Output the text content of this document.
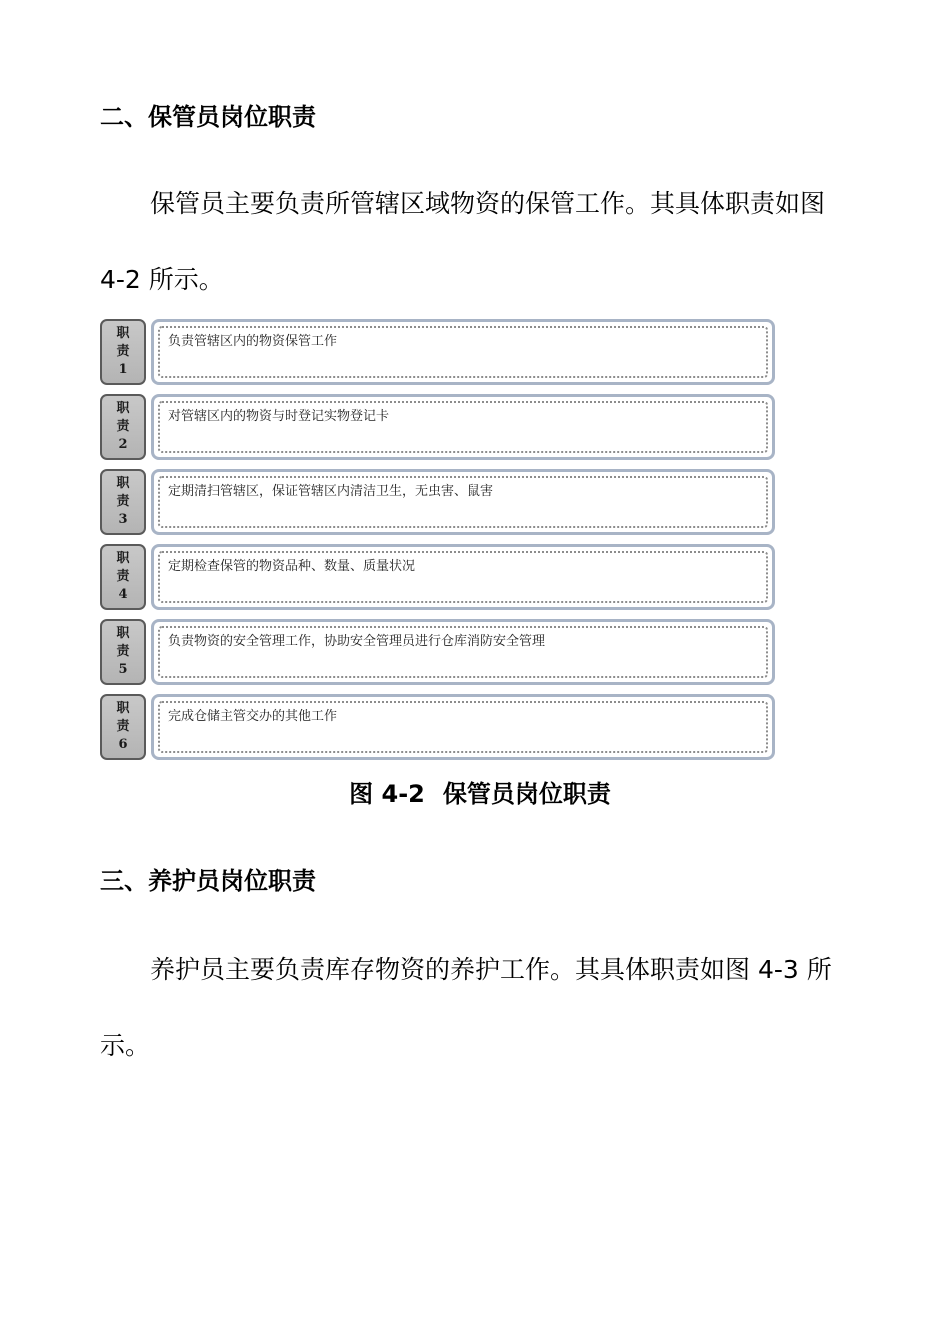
二、保管员岗位职责

保管员主要负责所管辖区域物资的保管工作。其具体职责如图

4-2 所示。

职
责
1
负责管辖区内的物资保管工作
职
责
2
对管辖区内的物资与时登记实物登记卡
职
责
3
定期清扫管辖区，保证管辖区内清洁卫生，无虫害、鼠害
职
责
4
定期检查保管的物资品种、数量、质量状况
职
责
5
负责物资的安全管理工作，协助安全管理员进行仓库消防安全管理
职
责
6
完成仓储主管交办的其他工作

图 4-2 保管员岗位职责

三、养护员岗位职责

养护员主要负责库存物资的养护工作。其具体职责如图 4-3 所

示。
